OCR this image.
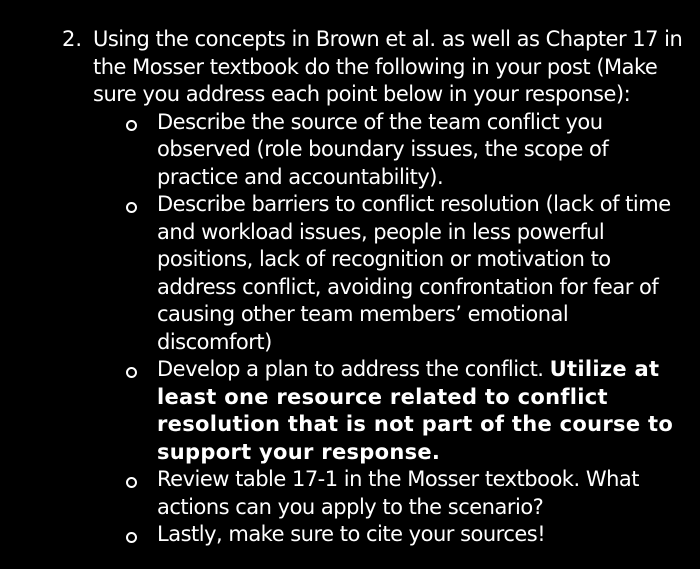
2. Using the concepts in Brown et al. as well as Chapter 17 in the Mosser textbook do the following in your post (Make sure you address each point below in your response):
Describe the source of the team conflict you observed (role boundary issues, the scope of practice and accountability).
Describe barriers to conflict resolution (lack of time and workload issues, people in less powerful positions, lack of recognition or motivation to address conflict, avoiding confrontation for fear of causing other team members’ emotional discomfort)
Develop a plan to address the conflict. Utilize at least one resource related to conflict resolution that is not part of the course to support your response.
Review table 17-1 in the Mosser textbook. What actions can you apply to the scenario?
Lastly, make sure to cite your sources!
